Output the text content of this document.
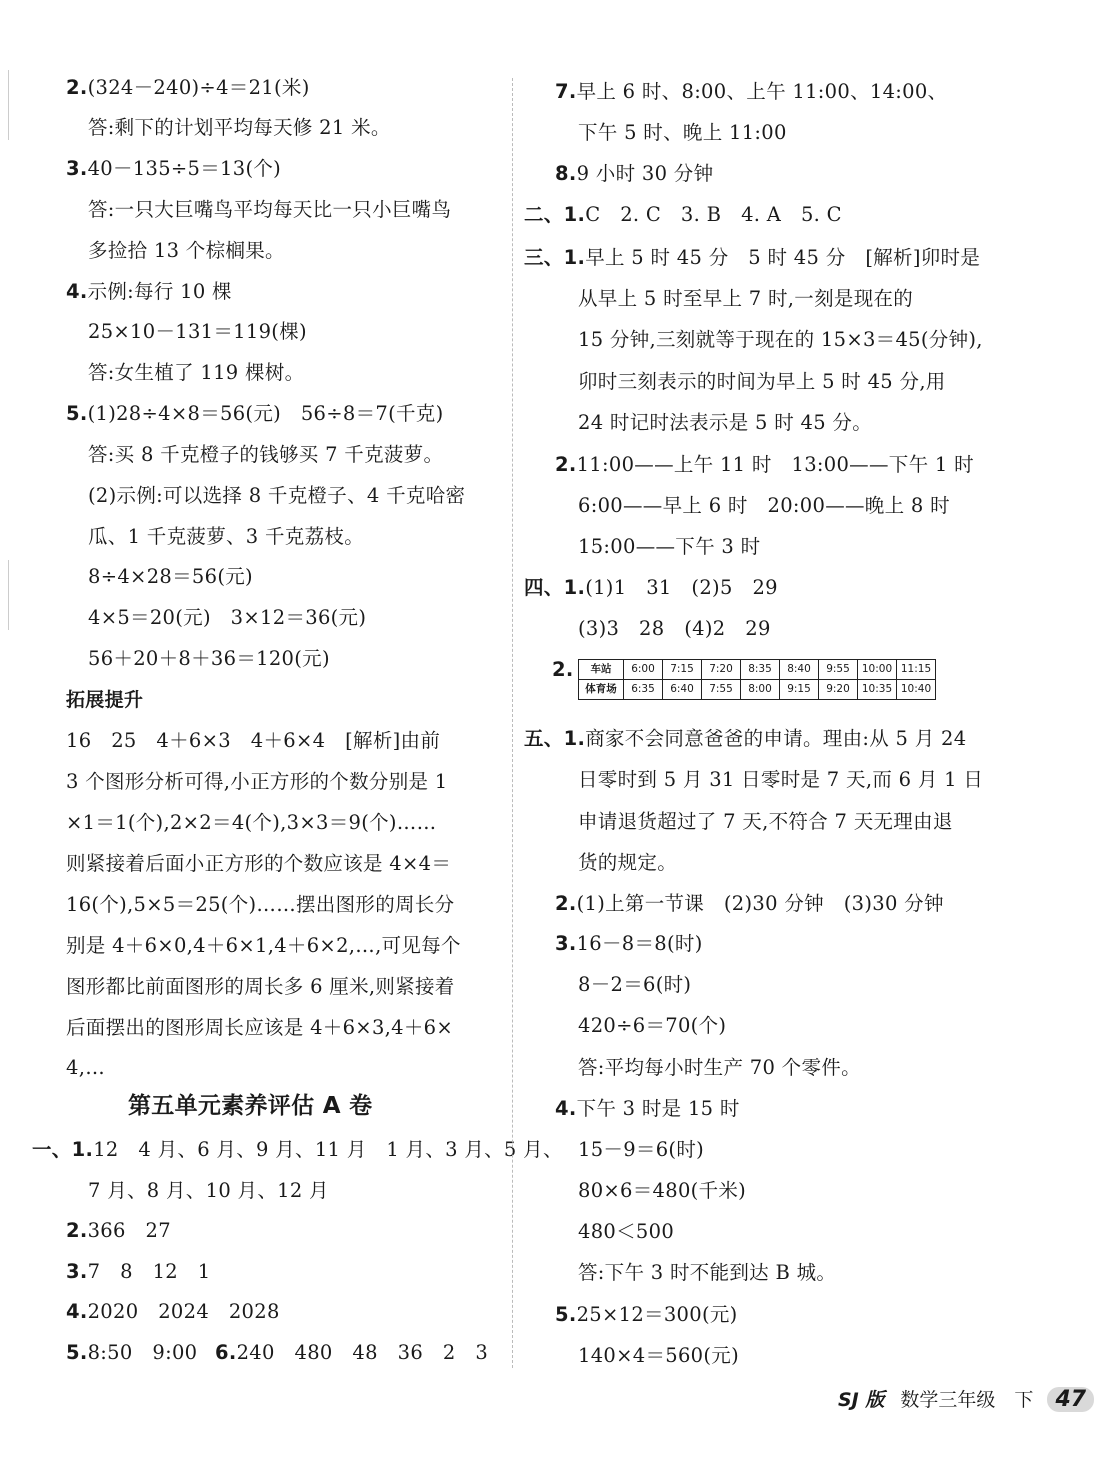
2.(324－240)÷4＝21(米)
答:剩下的计划平均每天修 21 米。
3.40－135÷5＝13(个)
答:一只大巨嘴鸟平均每天比一只小巨嘴鸟
多捡拾 13 个棕榈果。
4.示例:每行 10 棵
25×10－131＝119(棵)
答:女生植了 119 棵树。
5.(1)28÷4×8＝56(元)　56÷8＝7(千克)
答:买 8 千克橙子的钱够买 7 千克菠萝。
(2)示例:可以选择 8 千克橙子、4 千克哈密
瓜、1 千克菠萝、3 千克荔枝。
8÷4×28＝56(元)
4×5＝20(元)　3×12＝36(元)
56＋20＋8＋36＝120(元)
16　25　4＋6×3　4＋6×4　[解析]由前
3 个图形分析可得,小正方形的个数分别是 1
×1＝1(个),2×2＝4(个),3×3＝9(个)……
则紧接着后面小正方形的个数应该是 4×4＝
16(个),5×5＝25(个)……摆出图形的周长分
别是 4＋6×0,4＋6×1,4＋6×2,…,可见每个
图形都比前面图形的周长多 6 厘米,则紧接着
后面摆出的图形周长应该是 4＋6×3,4＋6×
4,…
一、1.12　4 月、6 月、9 月、11 月　1 月、3 月、5 月、
7 月、8 月、10 月、12 月
2.366　27
3.7　8　12　1
4.2020　2024　2028
5.8:50　9:00 6.240　480　48　36　2　3
7.早上 6 时、8:00、上午 11:00、14:00、
下午 5 时、晚上 11:00
8.9 小时 30 分钟
二、1.C　2. C　3. B　4. A　5. C
三、1.早上 5 时 45 分　5 时 45 分　[解析]卯时是
从早上 5 时至早上 7 时,一刻是现在的
15 分钟,三刻就等于现在的 15×3＝45(分钟),
卯时三刻表示的时间为早上 5 时 45 分,用
24 时记时法表示是 5 时 45 分。
2.11:00——上午 11 时　13:00——下午 1 时
6:00——早上 6 时　20:00——晚上 8 时
15:00——下午 3 时
四、1.(1)1　31　(2)5　29
(3)3　28　(4)2　29
五、1.商家不会同意爸爸的申请。理由:从 5 月 24
日零时到 5 月 31 日零时是 7 天,而 6 月 1 日
申请退货超过了 7 天,不符合 7 天无理由退
货的规定。
2.(1)上第一节课　(2)30 分钟　(3)30 分钟
3.16－8＝8(时)
8－2＝6(时)
420÷6＝70(个)
答:平均每小时生产 70 个零件。
4.下午 3 时是 15 时
15－9＝6(时)
80×6＝480(千米)
480＜500
答:下午 3 时不能到达 B 城。
5.25×12＝300(元)
140×4＝560(元)
拓展提升
第五单元素养评估 A 卷
2. 车站	6:00	7:15	7:20	8:35	8:40	9:55	10:00	11:15
体育场	6:35	6:40	7:55	8:00	9:15	9:20	10:35	10:40
SJ 版 数学三年级　下 47
